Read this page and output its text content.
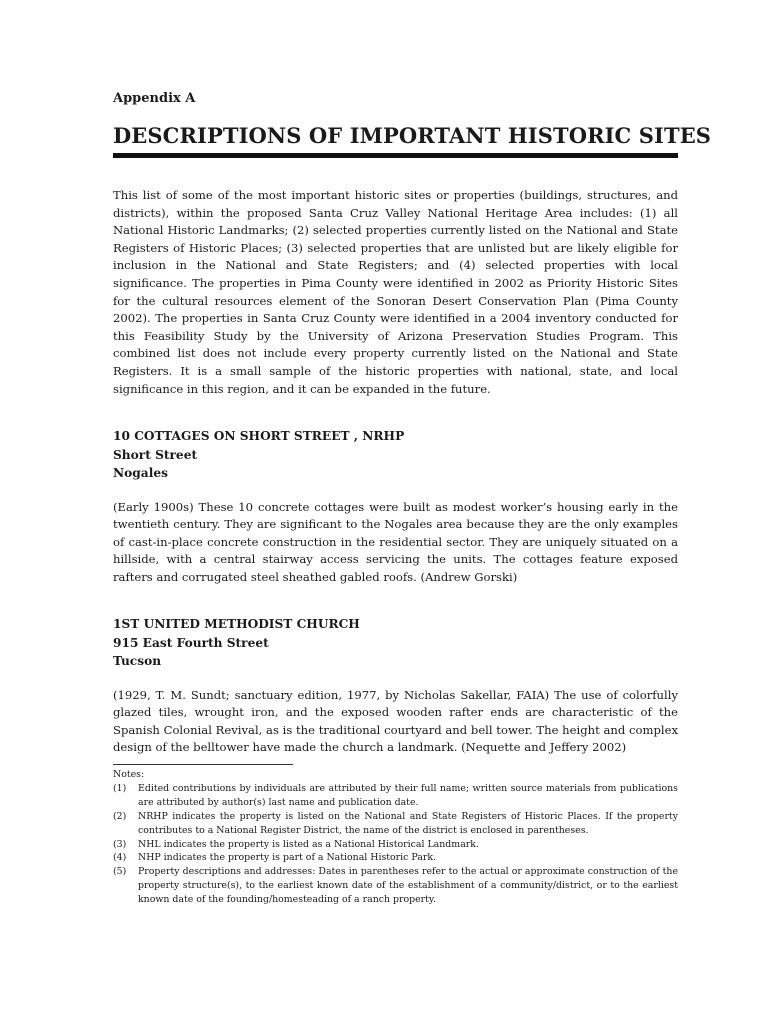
Appendix A
DESCRIPTIONS OF IMPORTANT HISTORIC SITES

This list of some of the most important historic sites or properties (buildings, structures, and districts), within the proposed Santa Cruz Valley National Heritage Area includes: (1) all National Historic Landmarks; (2) selected properties currently listed on the National and State Registers of Historic Places; (3) selected properties that are unlisted but are likely eligible for inclusion in the National and State Registers; and (4) selected properties with local significance. The properties in Pima County were identified in 2002 as Priority Historic Sites for the cultural resources element of the Sonoran Desert Conservation Plan (Pima County 2002). The properties in Santa Cruz County were identified in a 2004 inventory conducted for this Feasibility Study by the University of Arizona Preservation Studies Program. This combined list does not include every property currently listed on the National and State Registers. It is a small sample of the historic properties with national, state, and local significance in this region, and it can be expanded in the future.

10 COTTAGES ON SHORT STREET , NRHP

Short Street

Nogales

(Early 1900s) These 10 concrete cottages were built as modest worker’s housing early in the twentieth century. They are significant to the Nogales area because they are the only examples of cast-in-place concrete construction in the residential sector. They are uniquely situated on a hillside, with a central stairway access servicing the units. The cottages feature exposed rafters and corrugated steel sheathed gabled roofs. (Andrew Gorski)

1ST UNITED METHODIST CHURCH

915 East Fourth Street

Tucson

(1929, T. M. Sundt; sanctuary edition, 1977, by Nicholas Sakellar, FAIA) The use of colorfully glazed tiles, wrought iron, and the exposed wooden rafter ends are characteristic of the Spanish Colonial Revival, as is the traditional courtyard and bell tower. The height and complex design of the belltower have made the church a landmark. (Nequette and Jeffery 2002)

Notes:

(1)	Edited contributions by individuals are attributed by their full name; written source materials from publications are attributed by author(s) last name and publication date.
(2)	NRHP indicates the property is listed on the National and State Registers of Historic Places. If the property contributes to a National Register District, the name of the district is enclosed in parentheses.
(3)	NHL indicates the property is listed as a National Historical Landmark.
(4)	NHP indicates the property is part of a National Historic Park.
(5)	Property descriptions and addresses: Dates in parentheses refer to the actual or approximate construction of the property structure(s), to the earliest known date of the establishment of a community/district, or to the earliest known date of the founding/homesteading of a ranch property.
